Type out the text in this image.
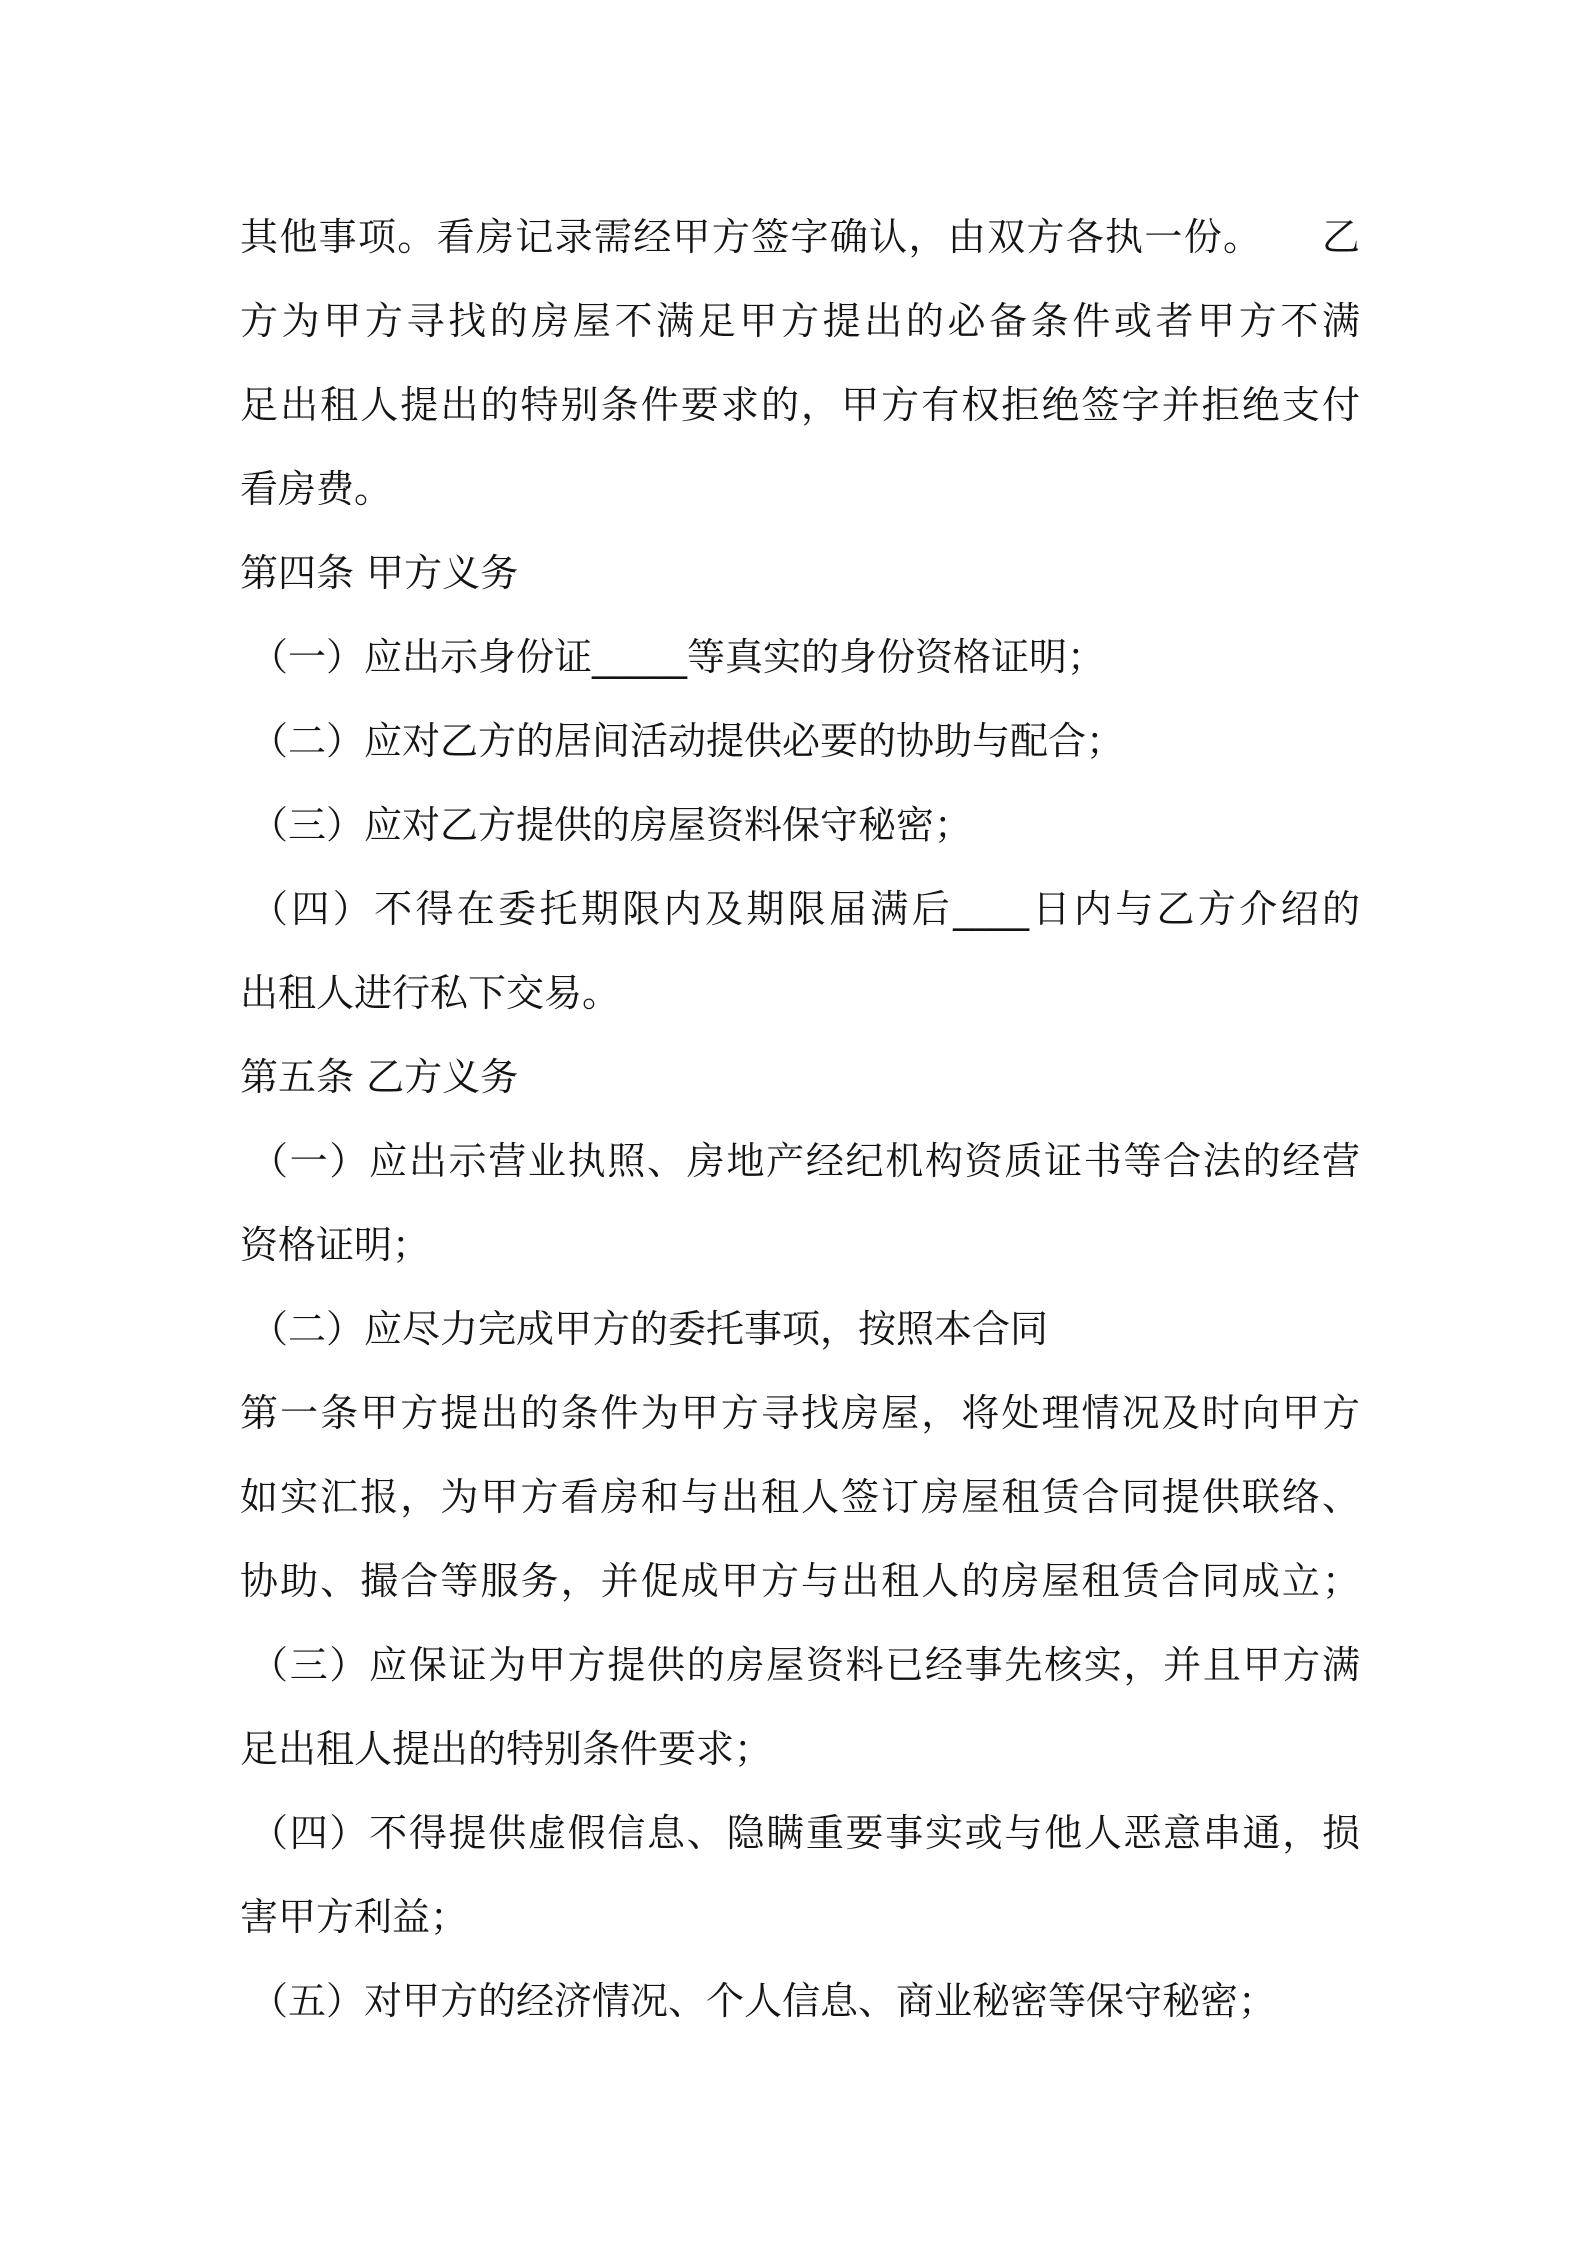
其他事项。看房记录需经甲方签字确认，由双方各执一份。　　乙
方为甲方寻找的房屋不满足甲方提出的必备条件或者甲方不满
足出租人提出的特别条件要求的，甲方有权拒绝签字并拒绝支付
看房费。
第四条 甲方义务
（一）应出示身份证_____等真实的身份资格证明；
（二）应对乙方的居间活动提供必要的协助与配合；
（三）应对乙方提供的房屋资料保守秘密；
（四）不得在委托期限内及期限届满后____日内与乙方介绍的
出租人进行私下交易。
第五条 乙方义务
（一）应出示营业执照、房地产经纪机构资质证书等合法的经营
资格证明；
（二）应尽力完成甲方的委托事项，按照本合同
第一条甲方提出的条件为甲方寻找房屋，将处理情况及时向甲方
如实汇报，为甲方看房和与出租人签订房屋租赁合同提供联络、
协助、撮合等服务，并促成甲方与出租人的房屋租赁合同成立；
（三）应保证为甲方提供的房屋资料已经事先核实，并且甲方满
足出租人提出的特别条件要求；
（四）不得提供虚假信息、隐瞒重要事实或与他人恶意串通，损
害甲方利益；
（五）对甲方的经济情况、个人信息、商业秘密等保守秘密；
